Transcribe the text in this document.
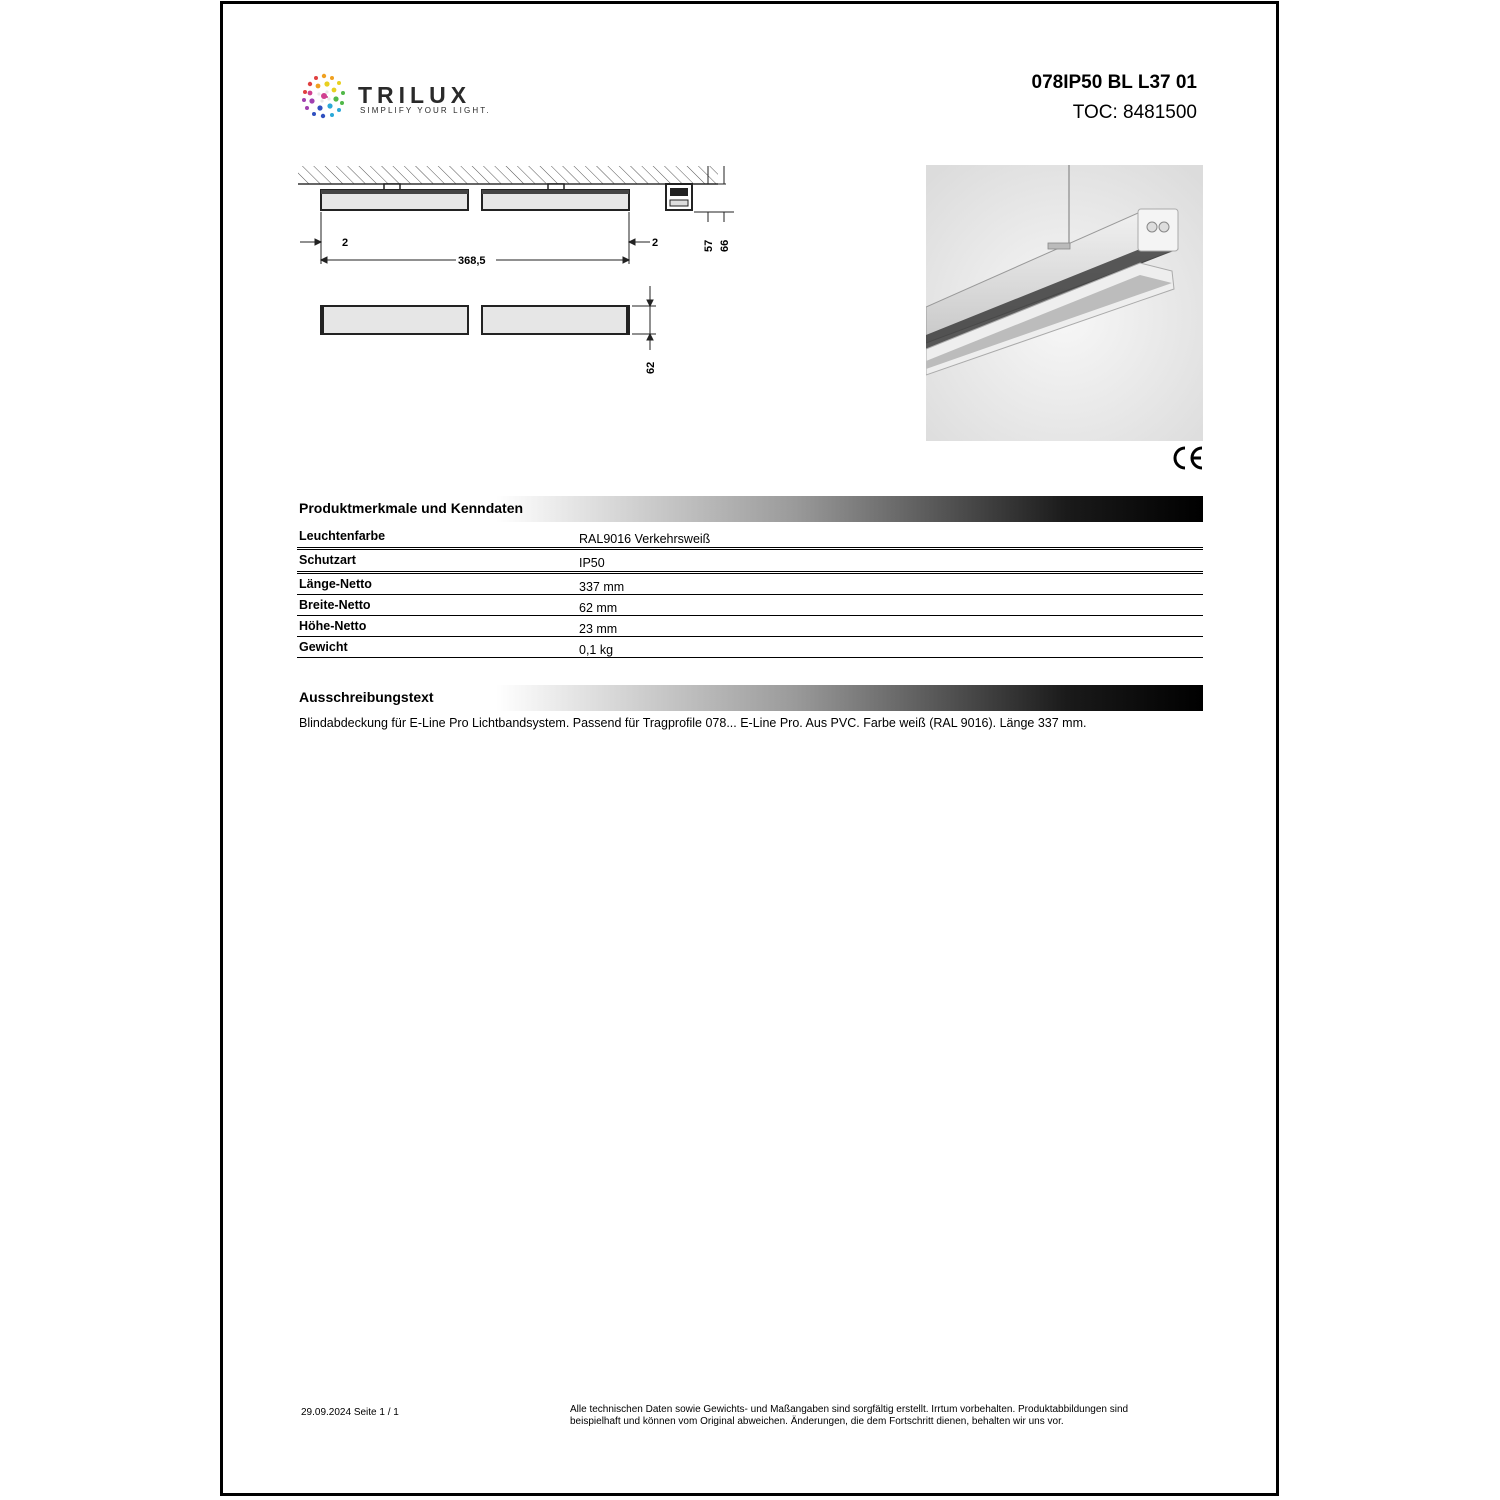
TRILUX
SIMPLIFY YOUR LIGHT.
078IP50 BL L37 01
TOC: 8481500
57 66
2	2
368,5
62
Produktmerkmale und Kenndaten
Leuchtenfarbe	RAL9016 Verkehrsweiß
Schutzart	IP50
Länge-Netto	337 mm
Breite-Netto	62 mm
Höhe-Netto	23 mm
Gewicht	0,1 kg
Ausschreibungstext
Blindabdeckung für E-Line Pro Lichtbandsystem. Passend für Tragprofile 078... E-Line Pro. Aus PVC. Farbe weiß (RAL 9016). Länge 337 mm.
29.09.2024 Seite 1 / 1	Alle technischen Daten sowie Gewichts- und Maßangaben sind sorgfältig erstellt. Irrtum vorbehalten. Produktabbildungen sind beispielhaft und können vom Original abweichen. Änderungen, die dem Fortschritt dienen, behalten wir uns vor.
